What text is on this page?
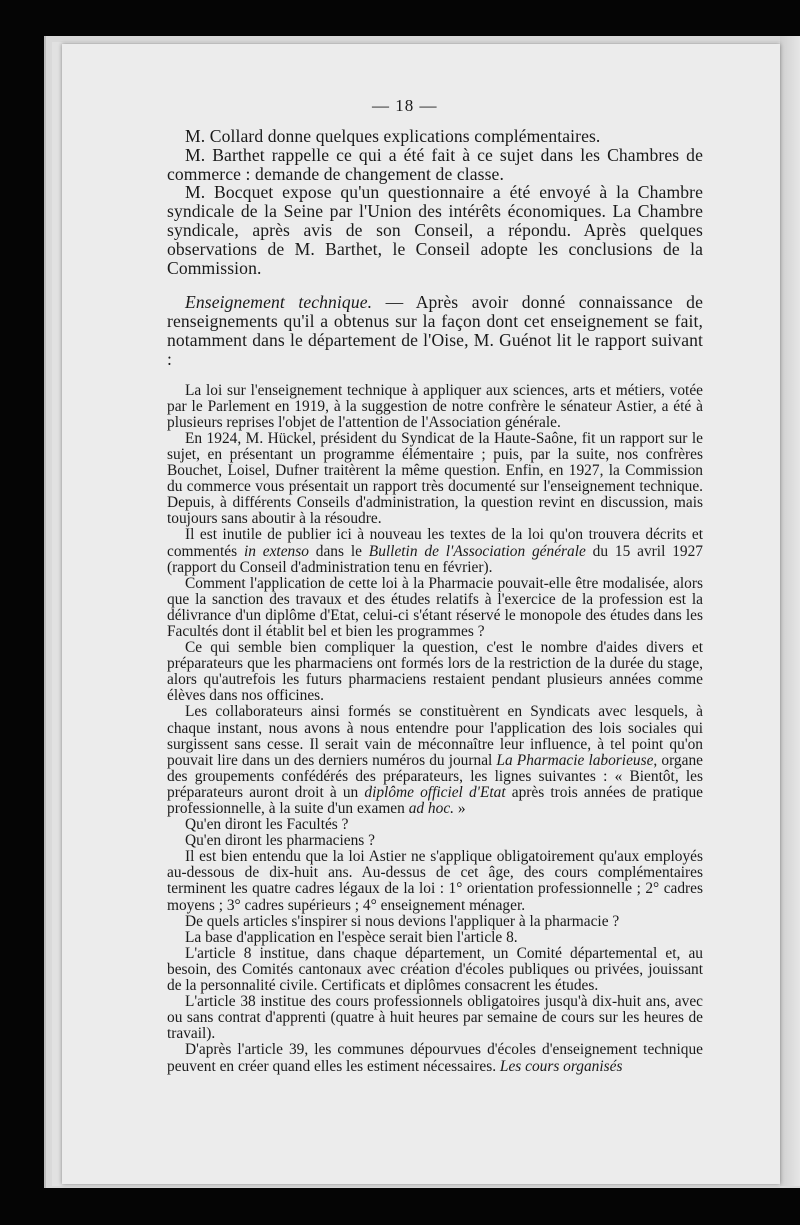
— 18 —

M. Collard donne quelques explications complémentaires.

M. Barthet rappelle ce qui a été fait à ce sujet dans les Chambres de commerce : demande de changement de classe.

M. Bocquet expose qu'un questionnaire a été envoyé à la Chambre syndicale de la Seine par l'Union des intérêts économiques. La Chambre syndicale, après avis de son Conseil, a répondu. Après quelques observations de M. Barthet, le Conseil adopte les conclusions de la Commission.

Enseignement technique. — Après avoir donné connaissance de renseignements qu'il a obtenus sur la façon dont cet enseignement se fait, notamment dans le département de l'Oise, M. Guénot lit le rapport suivant :

La loi sur l'enseignement technique à appliquer aux sciences, arts et métiers, votée par le Parlement en 1919, à la suggestion de notre confrère le sénateur Astier, a été à plusieurs reprises l'objet de l'attention de l'Association générale.

En 1924, M. Hückel, président du Syndicat de la Haute-Saône, fit un rapport sur le sujet, en présentant un programme élémentaire ; puis, par la suite, nos confrères Bouchet, Loisel, Dufner traitèrent la même question. Enfin, en 1927, la Commission du commerce vous présentait un rapport très documenté sur l'enseignement technique. Depuis, à différents Conseils d'administration, la question revint en discussion, mais toujours sans aboutir à la résoudre.

Il est inutile de publier ici à nouveau les textes de la loi qu'on trouvera décrits et commentés in extenso dans le Bulletin de l'Association générale du 15 avril 1927 (rapport du Conseil d'administration tenu en février).

Comment l'application de cette loi à la Pharmacie pouvait-elle être modalisée, alors que la sanction des travaux et des études relatifs à l'exercice de la profession est la délivrance d'un diplôme d'Etat, celui-ci s'étant réservé le monopole des études dans les Facultés dont il établit bel et bien les programmes ?

Ce qui semble bien compliquer la question, c'est le nombre d'aides divers et préparateurs que les pharmaciens ont formés lors de la restriction de la durée du stage, alors qu'autrefois les futurs pharmaciens restaient pendant plusieurs années comme élèves dans nos officines.

Les collaborateurs ainsi formés se constituèrent en Syndicats avec lesquels, à chaque instant, nous avons à nous entendre pour l'application des lois sociales qui surgissent sans cesse. Il serait vain de méconnaître leur influence, à tel point qu'on pouvait lire dans un des derniers numéros du journal La Pharmacie laborieuse, organe des groupements confédérés des préparateurs, les lignes suivantes : « Bientôt, les préparateurs auront droit à un diplôme officiel d'Etat après trois années de pratique professionnelle, à la suite d'un examen ad hoc. »

Qu'en diront les Facultés ?

Qu'en diront les pharmaciens ?

Il est bien entendu que la loi Astier ne s'applique obligatoirement qu'aux employés au-dessous de dix-huit ans. Au-dessus de cet âge, des cours complémentaires terminent les quatre cadres légaux de la loi : 1° orientation professionnelle ; 2° cadres moyens ; 3° cadres supérieurs ; 4° enseignement ménager.

De quels articles s'inspirer si nous devions l'appliquer à la pharmacie ?

La base d'application en l'espèce serait bien l'article 8.

L'article 8 institue, dans chaque département, un Comité départemental et, au besoin, des Comités cantonaux avec création d'écoles publiques ou privées, jouissant de la personnalité civile. Certificats et diplômes consacrent les études.

L'article 38 institue des cours professionnels obligatoires jusqu'à dix-huit ans, avec ou sans contrat d'apprenti (quatre à huit heures par semaine de cours sur les heures de travail).

D'après l'article 39, les communes dépourvues d'écoles d'enseignement technique peuvent en créer quand elles les estiment nécessaires. Les cours organisés
